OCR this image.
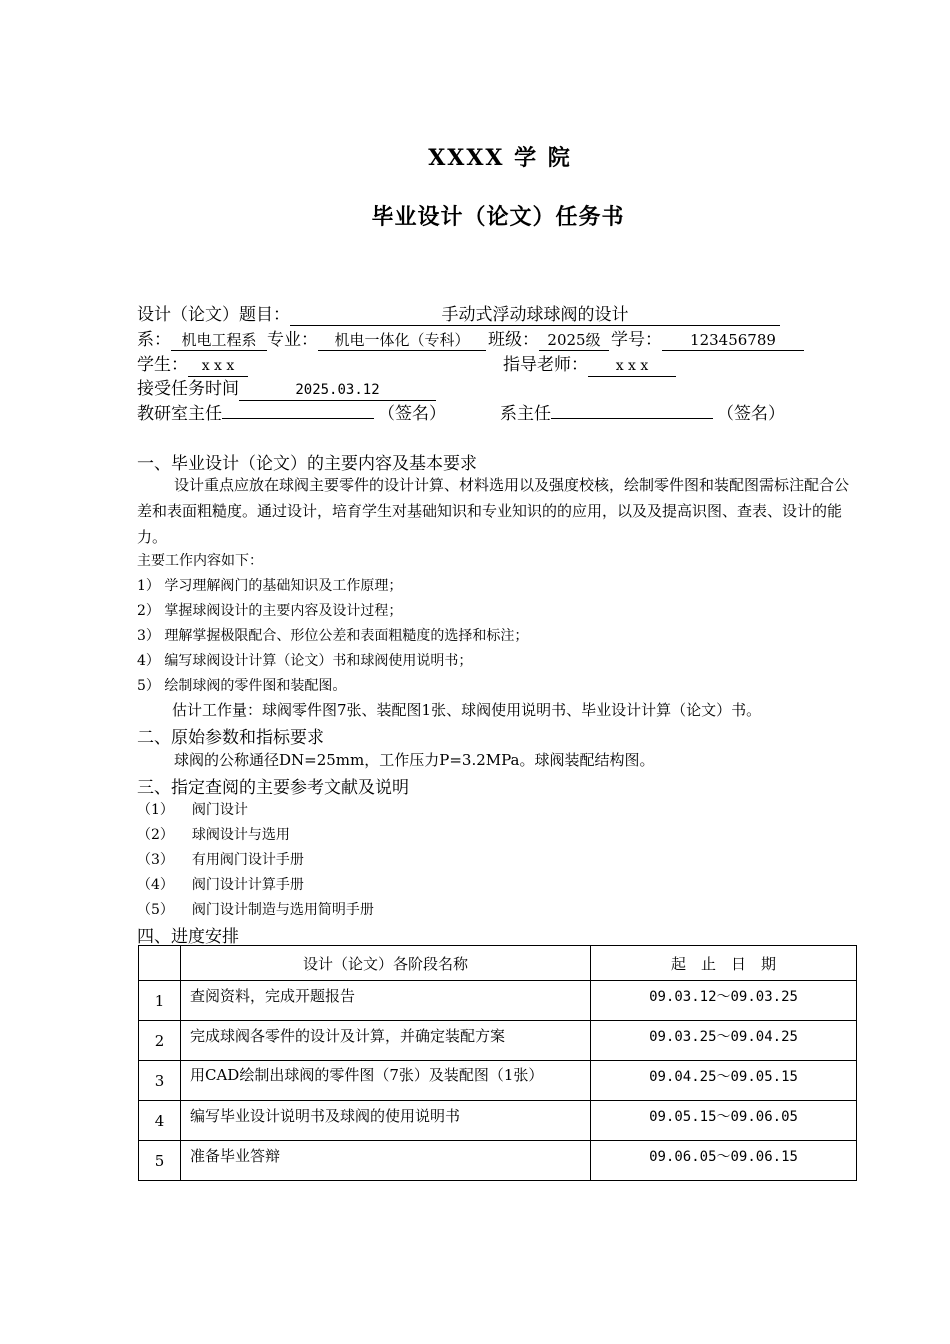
XXXX 学 院
毕业设计（论文）任务书
设计（论文）题目：	手动式浮动球球阀的设计
系： 机电工程系 专业： 机电一体化（专科） 班级： 2025级 学号： 123456789
学生： x x x	指导老师： x x x
接受任务时间	2025.03.12
教研室主任	（签名）	系主任	（签名）
一、毕业设计（论文）的主要内容及基本要求
设计重点应放在球阀主要零件的设计计算、材料选用以及强度校核，绘制零件图和装配图需标注配合公差和表面粗糙度。通过设计，培育学生对基础知识和专业知识的的应用，以及及提高识图、查表、设计的能力。
主要工作内容如下：
1） 学习理解阀门的基础知识及工作原理；
2） 掌握球阀设计的主要内容及设计过程；
3） 理解掌握极限配合、形位公差和表面粗糙度的选择和标注；
4） 编写球阀设计计算（论文）书和球阀使用说明书；
5） 绘制球阀的零件图和装配图。
估计工作量：球阀零件图7张、装配图1张、球阀使用说明书、毕业设计计算（论文）书。
二、原始参数和指标要求
球阀的公称通径DN=25mm，工作压力P=3.2MPa。球阀装配结构图。
三、指定查阅的主要参考文献及说明
（1） 阀门设计
（2） 球阀设计与选用
（3） 有用阀门设计手册
（4） 阀门设计计算手册
（5） 阀门设计制造与选用简明手册
四、进度安排
	设计（论文）各阶段名称	起　止　日　期
1	查阅资料，完成开题报告	09.03.12～09.03.25
2	完成球阀各零件的设计及计算，并确定装配方案	09.03.25～09.04.25
3	用CAD绘制出球阀的零件图（7张）及装配图（1张）	09.04.25～09.05.15
4	编写毕业设计说明书及球阀的使用说明书	09.05.15～09.06.05
5	准备毕业答辩	09.06.05～09.06.15
